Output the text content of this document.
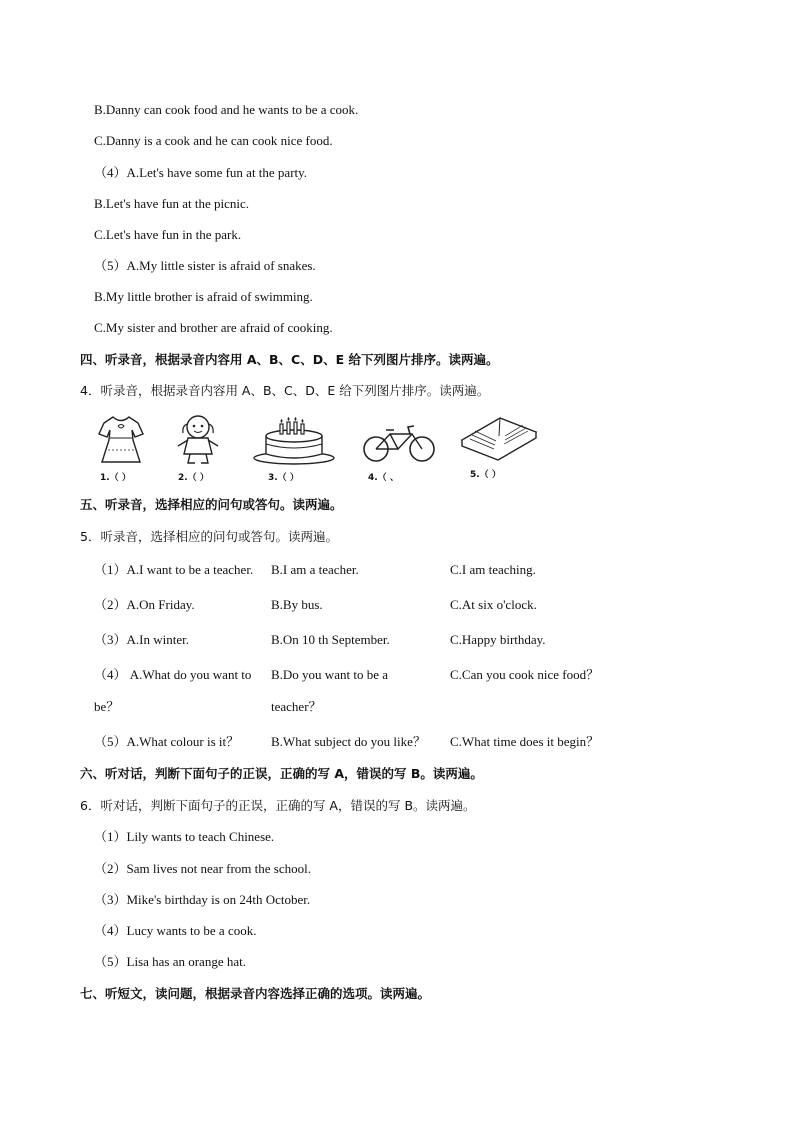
B.Danny can cook food and he wants to be a cook.
C.Danny is a cook and he can cook nice food.
（4）A.Let's have some fun at the party.
B.Let's have fun at the picnic.
C.Let's have fun in the park.
（5）A.My little sister is afraid of snakes.
B.My little brother is afraid of swimming.
C.My sister and brother are afraid of cooking.
四、听录音，根据录音内容用 A、B、C、D、E 给下列图片排序。读两遍。
4．听录音，根据录音内容用 A、B、C、D、E 给下列图片排序。读两遍。
1.（ ）	2.（ ）	3.（ ）	4.（ 、	5.（ ）
五、听录音，选择相应的问句或答句。读两遍。
5．听录音，选择相应的问句或答句。读两遍。
（1）A.I want to be a teacher. B.I am a teacher.	C.I am teaching.
（2）A.On Friday.	B.By bus.	C.At six o'clock.
（3）A.In winter.	B.On 10 th September.	C.Happy birthday.
（4） A.What do you want to B.Do you want to be a	C.Can you cook nice food？
be？	teacher？
（5）A.What colour is it？ B.What subject do you like？ C.What time does it begin？
六、听对话，判断下面句子的正误，正确的写 A，错误的写 B。读两遍。
6．听对话，判断下面句子的正误，正确的写 A，错误的写 B。读两遍。
（1）Lily wants to teach Chinese.
（2）Sam lives not near from the school.
（3）Mike's birthday is on 24th October.
（4）Lucy wants to be a cook.
（5）Lisa has an orange hat.
七、听短文，读问题，根据录音内容选择正确的选项。读两遍。
